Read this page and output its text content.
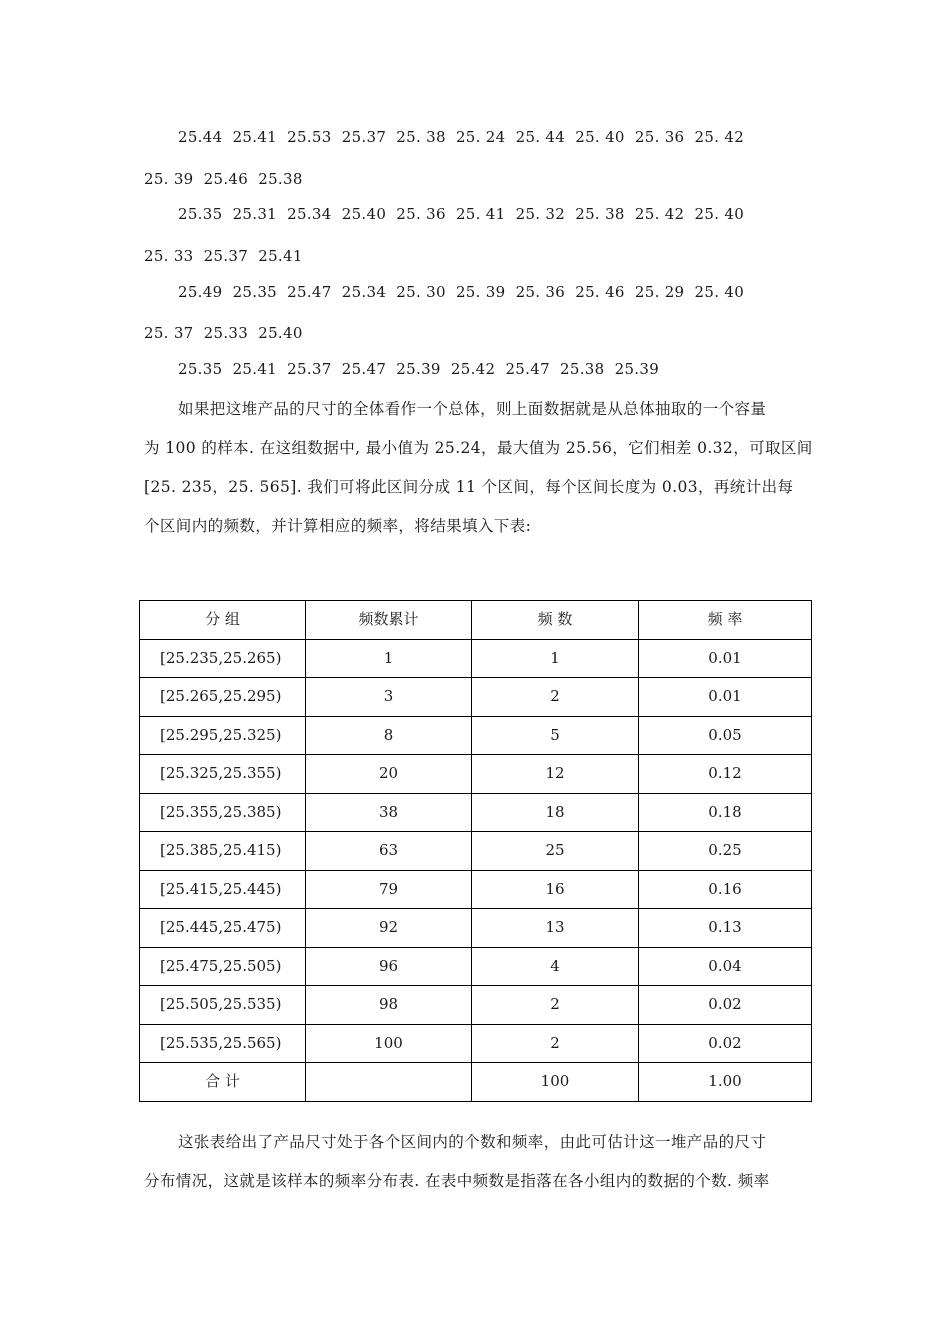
25.44  25.41  25.53  25.37  25. 38  25. 24  25. 44  25. 40  25. 36  25. 42
25. 39  25.46  25.38
25.35  25.31  25.34  25.40  25. 36  25. 41  25. 32  25. 38  25. 42  25. 40
25. 33  25.37  25.41
25.49  25.35  25.47  25.34  25. 30  25. 39  25. 36  25. 46  25. 29  25. 40
25. 37  25.33  25.40
25.35  25.41  25.37  25.47  25.39  25.42  25.47  25.38  25.39
如果把这堆产品的尺寸的全体看作一个总体，则上面数据就是从总体抽取的一个容量
为 100 的样本. 在这组数据中, 最小值为 25.24，最大值为 25.56，它们相差 0.32，可取区间
[25. 235，25. 565]. 我们可将此区间分成 11 个区间，每个区间长度为 0.03，再统计出每
个区间内的频数，并计算相应的频率，将结果填入下表:
分 组	频数累计	频 数	频 率
[25.235,25.265)	1	1	0.01
[25.265,25.295)	3	2	0.01
[25.295,25.325)	8	5	0.05
[25.325,25.355)	20	12	0.12
[25.355,25.385)	38	18	0.18
[25.385,25.415)	63	25	0.25
[25.415,25.445)	79	16	0.16
[25.445,25.475)	92	13	0.13
[25.475,25.505)	96	4	0.04
[25.505,25.535)	98	2	0.02
[25.535,25.565)	100	2	0.02
合 计		100	1.00
这张表给出了产品尺寸处于各个区间内的个数和频率，由此可估计这一堆产品的尺寸
分布情况，这就是该样本的频率分布表. 在表中频数是指落在各小组内的数据的个数. 频率
